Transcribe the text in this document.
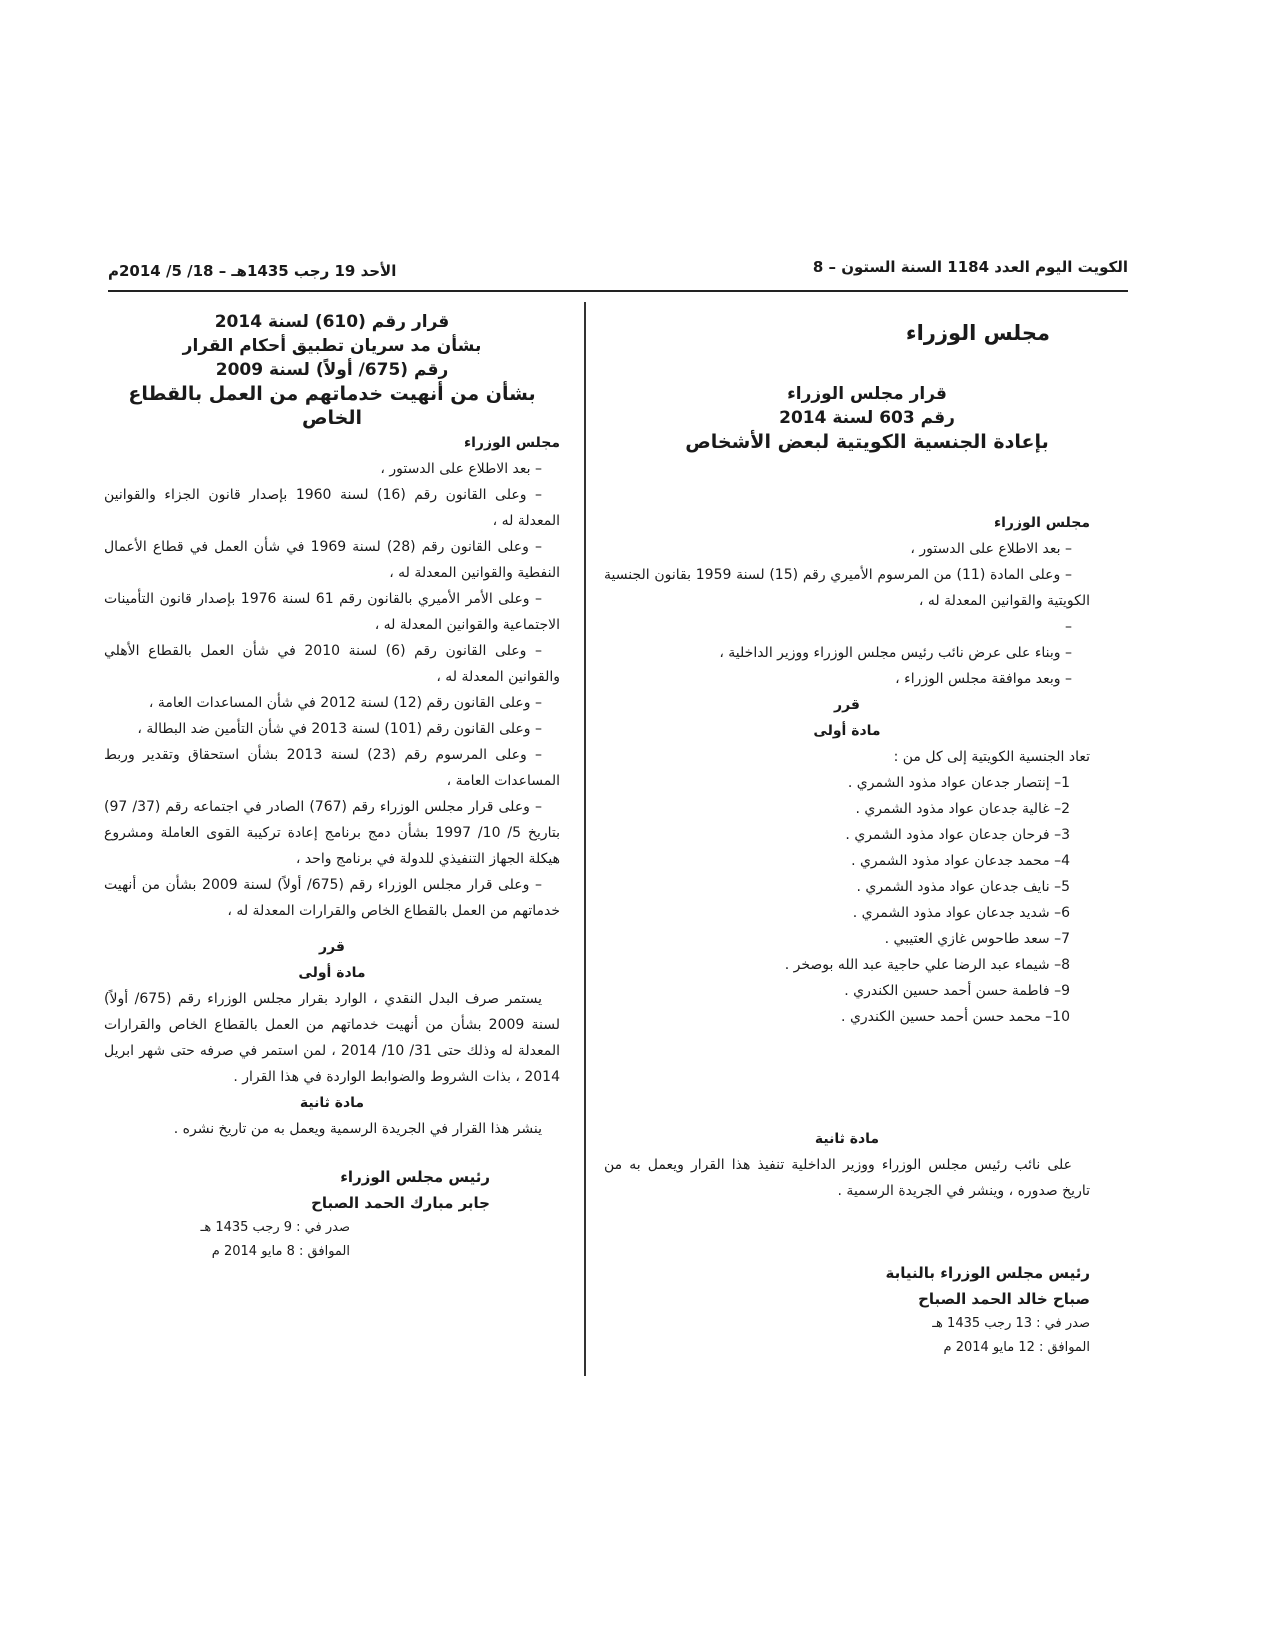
الكويت اليوم العدد 1184 السنة الستون – 8
الأحد 19 رجب 1435هـ – 18/ 5/ 2014م
مجلس الوزراء
قرار مجلس الوزراء
رقم 603 لسنة 2014
بإعادة الجنسية الكويتية لبعض الأشخاص
مجلس الوزراء

– بعد الاطلاع على الدستور ،

– وعلى المادة (11) من المرسوم الأميري رقم (15) لسنة 1959 بقانون الجنسية الكويتية والقوانين المعدلة له ،

–

– وبناء على عرض نائب رئيس مجلس الوزراء ووزير الداخلية ،

– وبعد موافقة مجلس الوزراء ،

قرر
مادة أولى
تعاد الجنسية الكويتية إلى كل من :
1– إنتصار جدعان عواد مذود الشمري .
2– غالية جدعان عواد مذود الشمري .
3– فرحان جدعان عواد مذود الشمري .
4– محمد جدعان عواد مذود الشمري .
5– نايف جدعان عواد مذود الشمري .
6– شديد جدعان عواد مذود الشمري .
7– سعد طاحوس غازي العتيبي .
8– شيماء عبد الرضا علي حاجية عبد الله بوصخر .
9– فاطمة حسن أحمد حسين الكندري .
10– محمد حسن أحمد حسين الكندري .
مادة ثانية

على نائب رئيس مجلس الوزراء ووزير الداخلية تنفيذ هذا القرار ويعمل به من تاريخ صدوره ، وينشر في الجريدة الرسمية .

رئيس مجلس الوزراء بالنيابة
صباح خالد الحمد الصباح
صدر في : 13 رجب 1435 هـ
الموافق : 12 مايو 2014 م
قرار رقم (610) لسنة 2014
بشأن مد سريان تطبيق أحكام القرار
رقم (675/ أولاً) لسنة 2009
بشأن من أنهيت خدماتهم من العمل بالقطاع الخاص
مجلس الوزراء

– بعد الاطلاع على الدستور ،

– وعلى القانون رقم (16) لسنة 1960 بإصدار قانون الجزاء والقوانين المعدلة له ،

– وعلى القانون رقم (28) لسنة 1969 في شأن العمل في قطاع الأعمال النفطية والقوانين المعدلة له ،

– وعلى الأمر الأميري بالقانون رقم 61 لسنة 1976 بإصدار قانون التأمينات الاجتماعية والقوانين المعدلة له ،

– وعلى القانون رقم (6) لسنة 2010 في شأن العمل بالقطاع الأهلي والقوانين المعدلة له ،

– وعلى القانون رقم (12) لسنة 2012 في شأن المساعدات العامة ،

– وعلى القانون رقم (101) لسنة 2013 في شأن التأمين ضد البطالة ،

– وعلى المرسوم رقم (23) لسنة 2013 بشأن استحقاق وتقدير وربط المساعدات العامة ،

– وعلى قرار مجلس الوزراء رقم (767) الصادر في اجتماعه رقم (37/ 97) بتاريخ 5/ 10/ 1997 بشأن دمج برنامج إعادة تركيبة القوى العاملة ومشروع هيكلة الجهاز التنفيذي للدولة في برنامج واحد ،

– وعلى قرار مجلس الوزراء رقم (675/ أولاً) لسنة 2009 بشأن من أنهيت خدماتهم من العمل بالقطاع الخاص والقرارات المعدلة له ،

قرر
مادة أولى

يستمر صرف البدل النقدي ، الوارد بقرار مجلس الوزراء رقم (675/ أولاً) لسنة 2009 بشأن من أنهيت خدماتهم من العمل بالقطاع الخاص والقرارات المعدلة له وذلك حتى 31/ 10/ 2014 ، لمن استمر في صرفه حتى شهر ابريل 2014 ، بذات الشروط والضوابط الواردة في هذا القرار .

مادة ثانية

ينشر هذا القرار في الجريدة الرسمية ويعمل به من تاريخ نشره .

رئيس مجلس الوزراء
جابر مبارك الحمد الصباح
صدر في : 9 رجب 1435 هـ
الموافق : 8 مايو 2014 م
